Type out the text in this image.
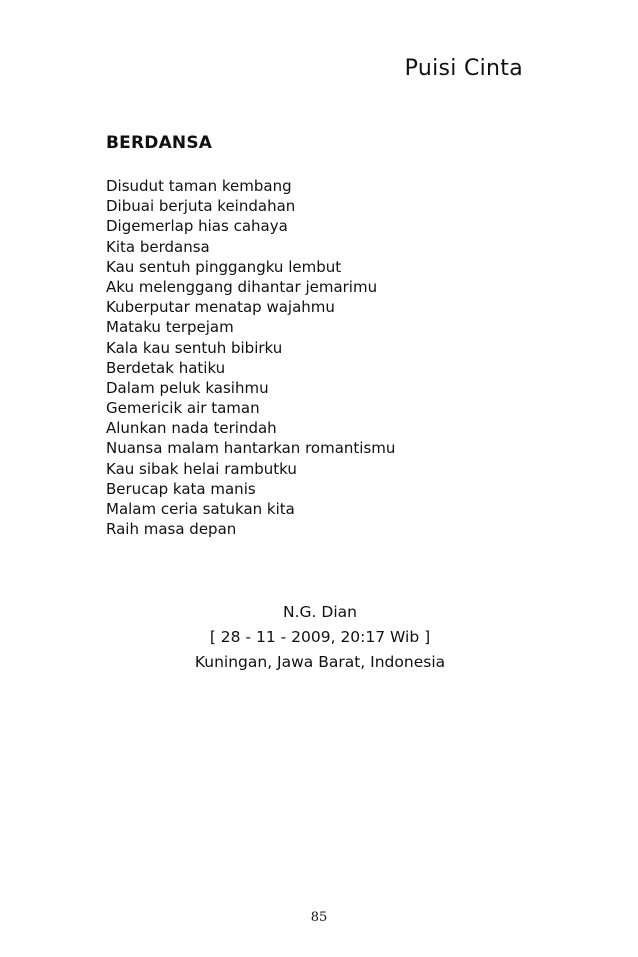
Puisi Cinta
BERDANSA
Disudut taman kembang
Dibuai berjuta keindahan
Digemerlap hias cahaya
Kita berdansa
Kau sentuh pinggangku lembut
Aku melenggang dihantar jemarimu
Kuberputar menatap wajahmu
Mataku terpejam
Kala kau sentuh bibirku
Berdetak hatiku
Dalam peluk kasihmu
Gemericik air taman
Alunkan nada terindah
Nuansa malam hantarkan romantismu
Kau sibak helai rambutku
Berucap kata manis
Malam ceria satukan kita
Raih masa depan
N.G. Dian
[ 28 - 11 - 2009, 20:17 Wib ]
Kuningan, Jawa Barat, Indonesia
85
